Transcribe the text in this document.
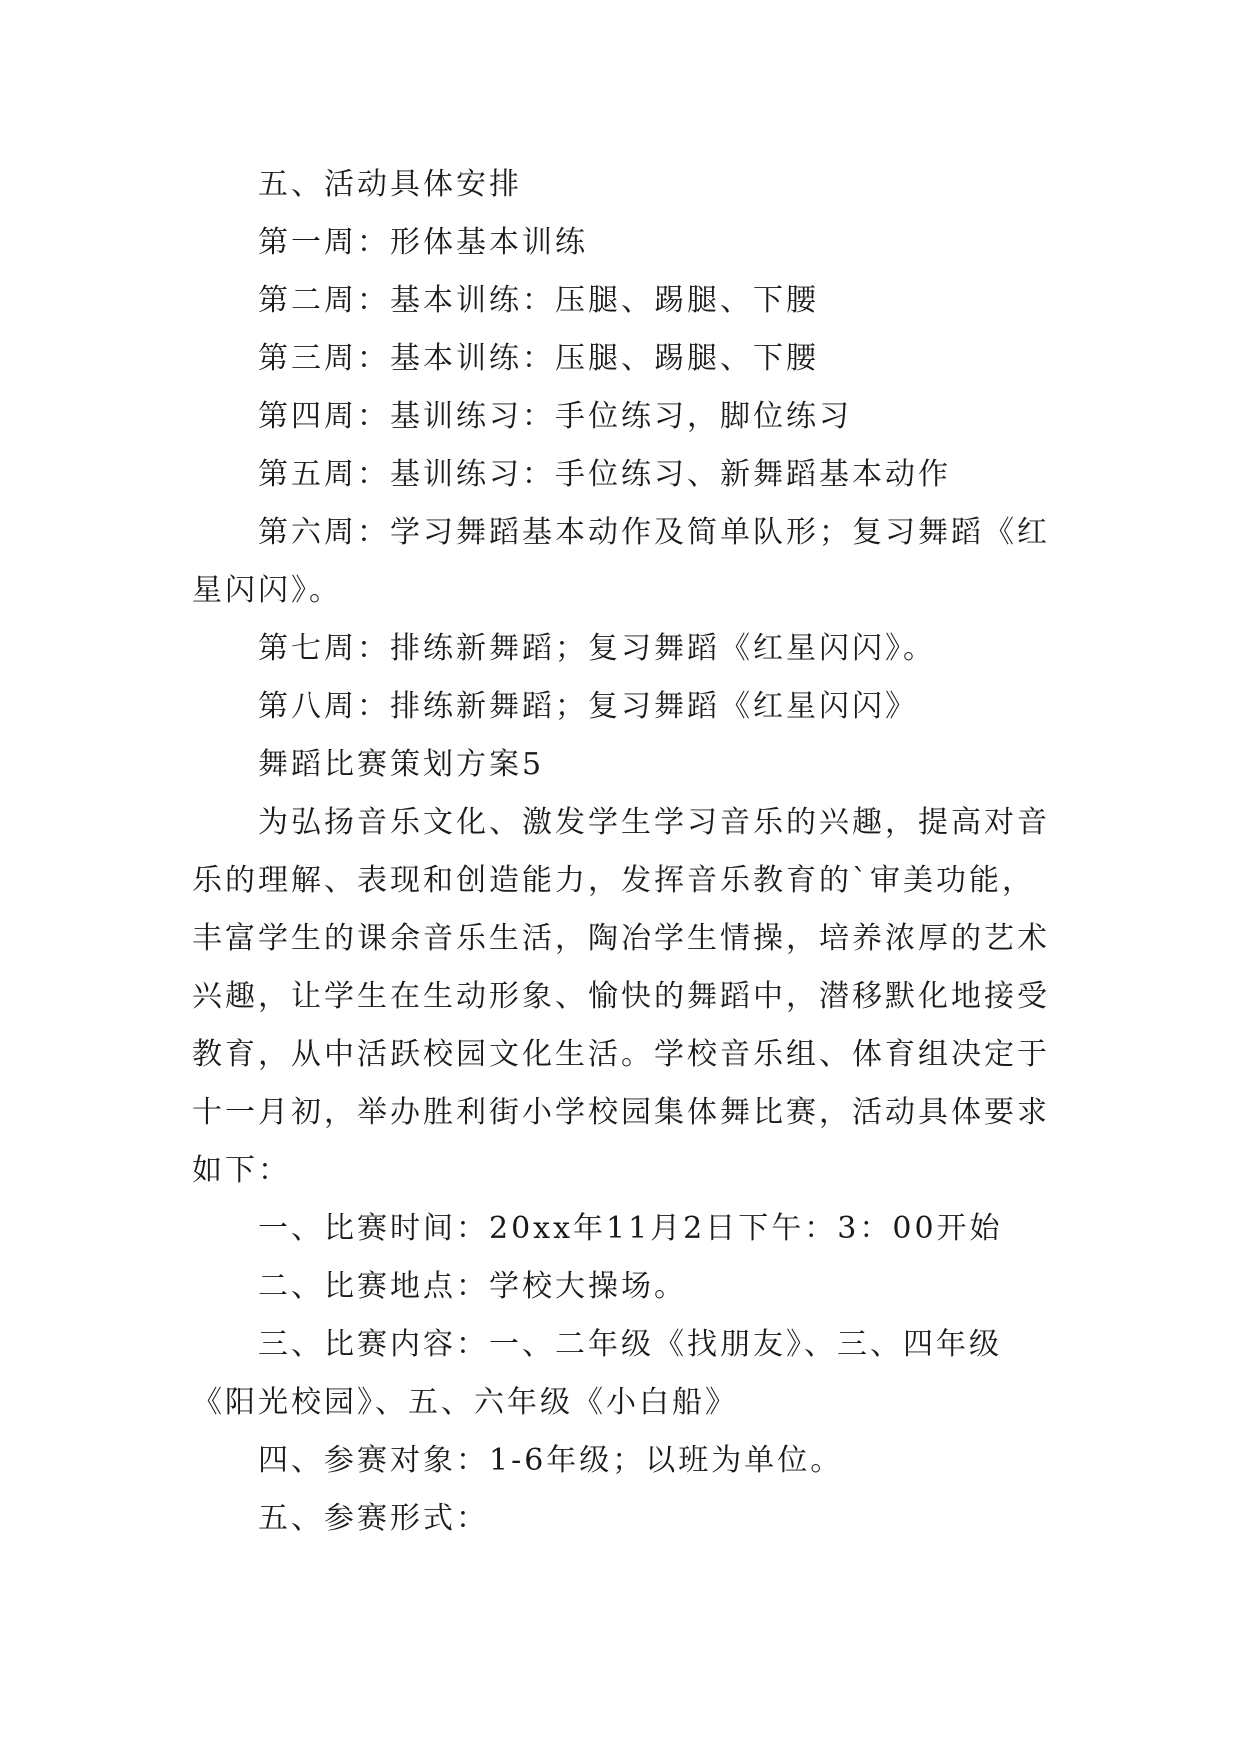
五、活动具体安排

第一周：形体基本训练

第二周：基本训练：压腿、踢腿、下腰

第三周：基本训练：压腿、踢腿、下腰

第四周：基训练习：手位练习，脚位练习

第五周：基训练习：手位练习、新舞蹈基本动作

第六周：学习舞蹈基本动作及简单队形；复习舞蹈《红星闪闪》。

第七周：排练新舞蹈；复习舞蹈《红星闪闪》。

第八周：排练新舞蹈；复习舞蹈《红星闪闪》

舞蹈比赛策划方案5

为弘扬音乐文化、激发学生学习音乐的兴趣，提高对音乐的理解、表现和创造能力，发挥音乐教育的`审美功能，丰富学生的课余音乐生活，陶冶学生情操，培养浓厚的艺术兴趣，让学生在生动形象、愉快的舞蹈中，潜移默化地接受教育，从中活跃校园文化生活。学校音乐组、体育组决定于十一月初，举办胜利街小学校园集体舞比赛，活动具体要求如下：

一、比赛时间：20xx年11月2日下午：3：00开始

二、比赛地点：学校大操场。

三、比赛内容：一、二年级《找朋友》、三、四年级《阳光校园》、五、六年级《小白船》

四、参赛对象：1-6年级；以班为单位。

五、参赛形式：
